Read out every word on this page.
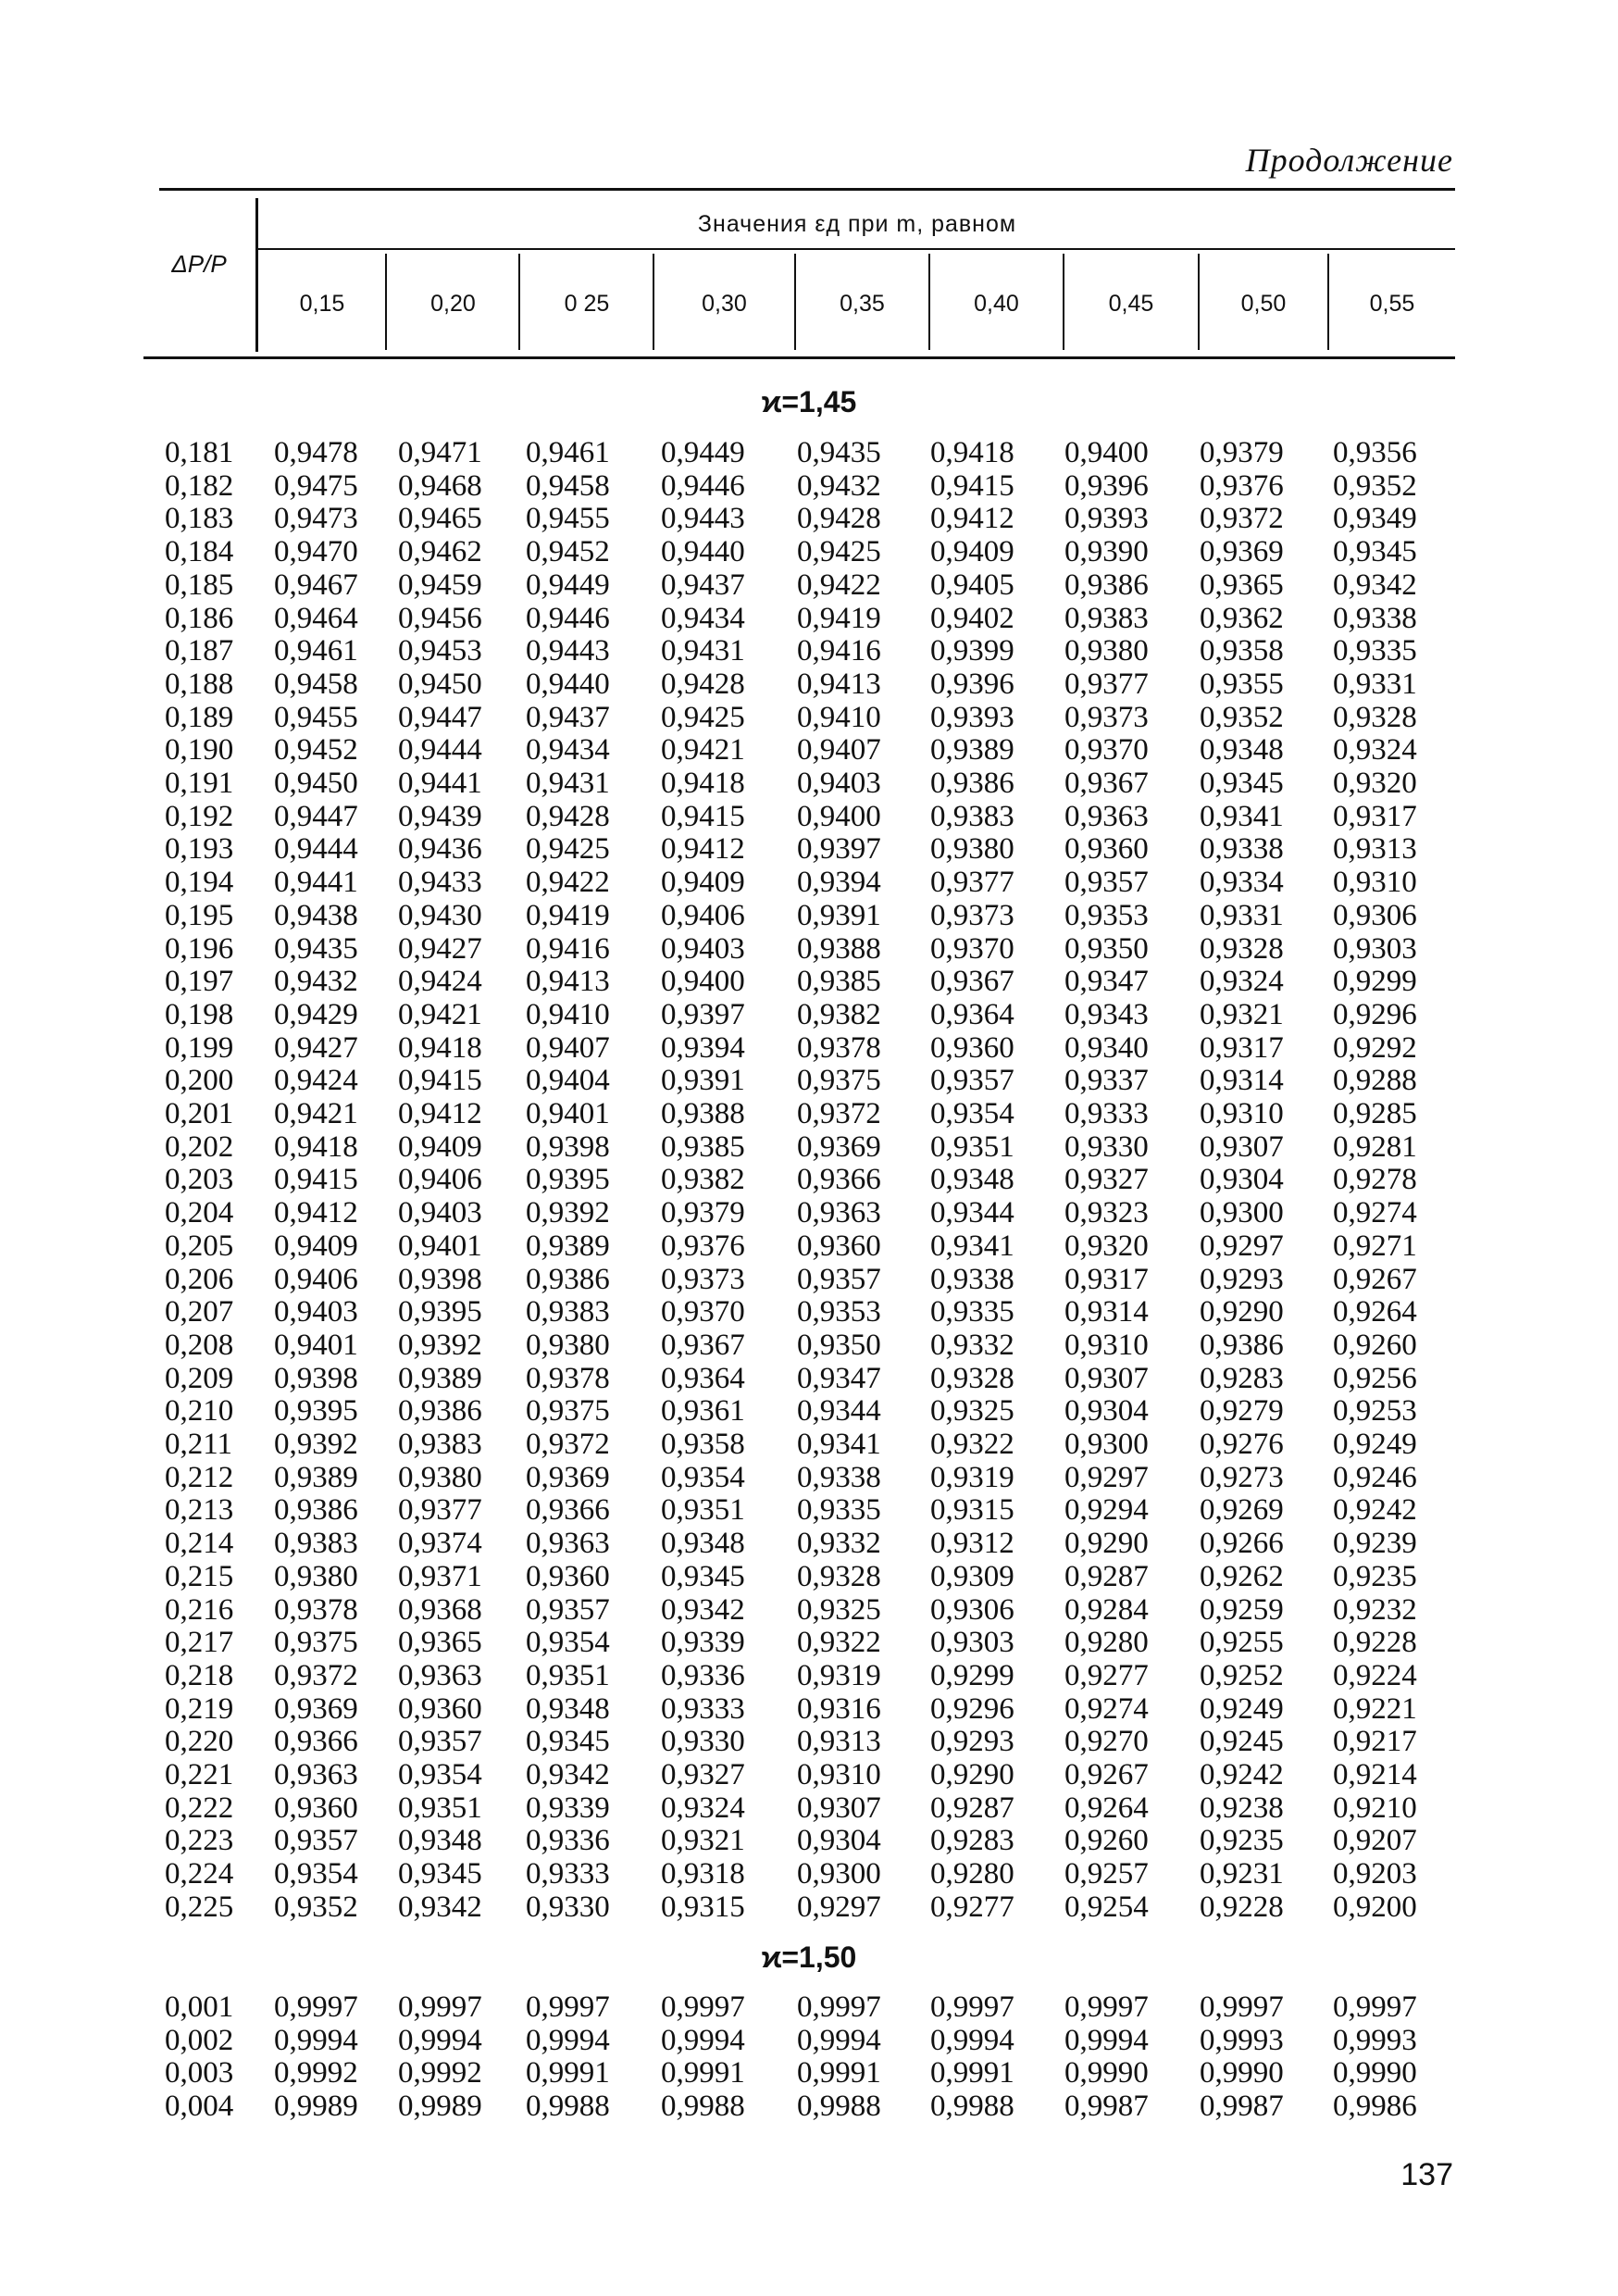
Продолжение
ΔP/P
Значения εд при m, равном
0,15	0,20	0 25	0,30	0,35	0,40	0,45	0,50	0,55
ϰ=1,45
0,181 0,9478 0,9471 0,9461 0,9449 0,9435 0,9418 0,9400 0,9379 0,9356
0,182 0,9475 0,9468 0,9458 0,9446 0,9432 0,9415 0,9396 0,9376 0,9352
0,183 0,9473 0,9465 0,9455 0,9443 0,9428 0,9412 0,9393 0,9372 0,9349
0,184 0,9470 0,9462 0,9452 0,9440 0,9425 0,9409 0,9390 0,9369 0,9345
0,185 0,9467 0,9459 0,9449 0,9437 0,9422 0,9405 0,9386 0,9365 0,9342
0,186 0,9464 0,9456 0,9446 0,9434 0,9419 0,9402 0,9383 0,9362 0,9338
0,187 0,9461 0,9453 0,9443 0,9431 0,9416 0,9399 0,9380 0,9358 0,9335
0,188 0,9458 0,9450 0,9440 0,9428 0,9413 0,9396 0,9377 0,9355 0,9331
0,189 0,9455 0,9447 0,9437 0,9425 0,9410 0,9393 0,9373 0,9352 0,9328
0,190 0,9452 0,9444 0,9434 0,9421 0,9407 0,9389 0,9370 0,9348 0,9324
0,191 0,9450 0,9441 0,9431 0,9418 0,9403 0,9386 0,9367 0,9345 0,9320
0,192 0,9447 0,9439 0,9428 0,9415 0,9400 0,9383 0,9363 0,9341 0,9317
0,193 0,9444 0,9436 0,9425 0,9412 0,9397 0,9380 0,9360 0,9338 0,9313
0,194 0,9441 0,9433 0,9422 0,9409 0,9394 0,9377 0,9357 0,9334 0,9310
0,195 0,9438 0,9430 0,9419 0,9406 0,9391 0,9373 0,9353 0,9331 0,9306
0,196 0,9435 0,9427 0,9416 0,9403 0,9388 0,9370 0,9350 0,9328 0,9303
0,197 0,9432 0,9424 0,9413 0,9400 0,9385 0,9367 0,9347 0,9324 0,9299
0,198 0,9429 0,9421 0,9410 0,9397 0,9382 0,9364 0,9343 0,9321 0,9296
0,199 0,9427 0,9418 0,9407 0,9394 0,9378 0,9360 0,9340 0,9317 0,9292
0,200 0,9424 0,9415 0,9404 0,9391 0,9375 0,9357 0,9337 0,9314 0,9288
0,201 0,9421 0,9412 0,9401 0,9388 0,9372 0,9354 0,9333 0,9310 0,9285
0,202 0,9418 0,9409 0,9398 0,9385 0,9369 0,9351 0,9330 0,9307 0,9281
0,203 0,9415 0,9406 0,9395 0,9382 0,9366 0,9348 0,9327 0,9304 0,9278
0,204 0,9412 0,9403 0,9392 0,9379 0,9363 0,9344 0,9323 0,9300 0,9274
0,205 0,9409 0,9401 0,9389 0,9376 0,9360 0,9341 0,9320 0,9297 0,9271
0,206 0,9406 0,9398 0,9386 0,9373 0,9357 0,9338 0,9317 0,9293 0,9267
0,207 0,9403 0,9395 0,9383 0,9370 0,9353 0,9335 0,9314 0,9290 0,9264
0,208 0,9401 0,9392 0,9380 0,9367 0,9350 0,9332 0,9310 0,9386 0,9260
0,209 0,9398 0,9389 0,9378 0,9364 0,9347 0,9328 0,9307 0,9283 0,9256
0,210 0,9395 0,9386 0,9375 0,9361 0,9344 0,9325 0,9304 0,9279 0,9253
0,211 0,9392 0,9383 0,9372 0,9358 0,9341 0,9322 0,9300 0,9276 0,9249
0,212 0,9389 0,9380 0,9369 0,9354 0,9338 0,9319 0,9297 0,9273 0,9246
0,213 0,9386 0,9377 0,9366 0,9351 0,9335 0,9315 0,9294 0,9269 0,9242
0,214 0,9383 0,9374 0,9363 0,9348 0,9332 0,9312 0,9290 0,9266 0,9239
0,215 0,9380 0,9371 0,9360 0,9345 0,9328 0,9309 0,9287 0,9262 0,9235
0,216 0,9378 0,9368 0,9357 0,9342 0,9325 0,9306 0,9284 0,9259 0,9232
0,217 0,9375 0,9365 0,9354 0,9339 0,9322 0,9303 0,9280 0,9255 0,9228
0,218 0,9372 0,9363 0,9351 0,9336 0,9319 0,9299 0,9277 0,9252 0,9224
0,219 0,9369 0,9360 0,9348 0,9333 0,9316 0,9296 0,9274 0,9249 0,9221
0,220 0,9366 0,9357 0,9345 0,9330 0,9313 0,9293 0,9270 0,9245 0,9217
0,221 0,9363 0,9354 0,9342 0,9327 0,9310 0,9290 0,9267 0,9242 0,9214
0,222 0,9360 0,9351 0,9339 0,9324 0,9307 0,9287 0,9264 0,9238 0,9210
0,223 0,9357 0,9348 0,9336 0,9321 0,9304 0,9283 0,9260 0,9235 0,9207
0,224 0,9354 0,9345 0,9333 0,9318 0,9300 0,9280 0,9257 0,9231 0,9203
0,225 0,9352 0,9342 0,9330 0,9315 0,9297 0,9277 0,9254 0,9228 0,9200
ϰ=1,50
0,001 0,9997 0,9997 0,9997 0,9997 0,9997 0,9997 0,9997 0,9997 0,9997
0,002 0,9994 0,9994 0,9994 0,9994 0,9994 0,9994 0,9994 0,9993 0,9993
0,003 0,9992 0,9992 0,9991 0,9991 0,9991 0,9991 0,9990 0,9990 0,9990
0,004 0,9989 0,9989 0,9988 0,9988 0,9988 0,9988 0,9987 0,9987 0,9986
137
